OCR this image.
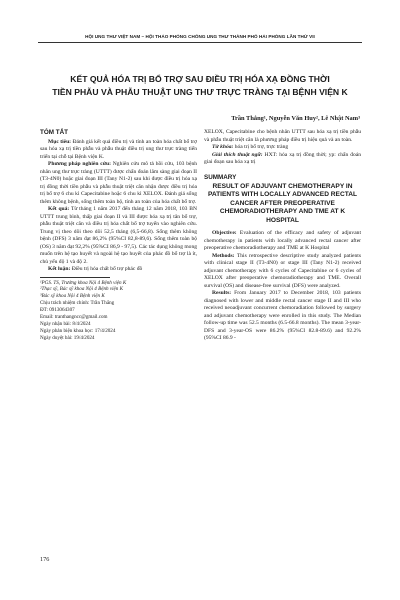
HỘI UNG THƯ VIỆT NAM – HỘI THẢO PHÒNG CHỐNG UNG THƯ THÀNH PHỐ HẢI PHÒNG LẦN THỨ VII
KẾT QUẢ HÓA TRỊ BỔ TRỢ SAU ĐIỀU TRỊ HÓA XẠ ĐỒNG THỜI
TIỀN PHẪU VÀ PHẪU THUẬT UNG THƯ TRỰC TRÀNG TẠI BỆNH VIỆN K
Trần Thắng¹, Nguyễn Văn Huy², Lê Nhật Nam³
TÓM TẮT

Mục tiêu: Đánh giá kết quả điều trị và tính an toàn hóa chất bổ trợ sau hóa xạ trị tiền phẫu và phẫu thuật điều trị ung thư trực tràng tiến triển tại chỗ tại Bệnh viện K.

Phương pháp nghiên cứu: Nghiên cứu mô tả hồi cứu, 103 bệnh nhân ung thư trực tràng (UTTT) được chẩn đoán lâm sàng giai đoạn II (T3-4N0) hoặc giai đoạn III (Tany N1-2) sau khi được điều trị hóa xạ trị đồng thời tiền phẫu và phẫu thuật triệt căn nhận được điều trị hóa trị bổ trợ 6 chu kì Capecitabine hoặc 6 chu kì XELOX. Đánh giá sống thêm không bệnh, sống thêm toàn bộ, tính an toàn của hóa chất bổ trợ.

Kết quả: Từ tháng 1 năm 2017 đến tháng 12 năm 2018, 103 BN UTTT trung bình, thấp giai đoạn II và III được hóa xạ trị tân bổ trợ, phẫu thuật triệt căn và điều trị hóa chất bổ trợ tuyển vào nghiên cứu. Trung vị theo dõi theo dõi 52,5 tháng (6,5-66,8). Sống thêm không bệnh (DFS) 3 năm đạt 86,2% (95%CI 82,8-89,6). Sống thêm toàn bộ (OS) 3 năm đạt 92,2% (95%CI 86,9 - 97,5). Các tác dụng không mong muốn trên hệ tạo huyết và ngoài hệ tạo huyết của phác đồ bổ trợ là ít, chủ yếu độ 1 và độ 2.

Kết luận: Điều trị hóa chất bổ trợ phác đồ

¹PGS. TS, Trưởng khoa Nội 4 Bệnh viện K
²Thạc sỹ, Bác sỹ khoa Nội 4 Bệnh viện K
³Bác sỹ khoa Nội 4 Bệnh viện K
Chịu trách nhiệm chính: Trần Thắng
ĐT: 0913064307
Email: tranthangncc@gmail.com
Ngày nhận bài: 8/4/2024
Ngày phản biện khoa học: 17/4/2024
Ngày duyệt bài: 19/4/2024

XELOX, Capecitabine cho bệnh nhân UTTT sau hóa xạ trị tiền phẫu và phẫu thuật triệt căn là phương pháp điều trị hiệu quả và an toàn.

Từ khóa: hóa trị bổ trợ, trực tràng

Giải thích thuật ngữ: HXT: hóa xạ trị đồng thời; yp: chẩn đoán giai đoạn sau hóa xạ trị

SUMMARY
RESULT OF ADJUVANT CHEMOTHERAPY IN PATIENTS WITH LOCALLY ADVANCED RECTAL CANCER AFTER PREOPERATIVE CHEMORADIOTHERAPY AND TME AT K HOSPITAL

Objective: Evaluation of the efficacy and safety of adjuvant chemotherapy in patients with locally advanced rectal cancer after preoperative chemoradiotherapy and TME at K Hospital

Methods: This retrospective descriptive study analyzed patients with clinical stage II (T3-4N0) or stage III (Tany N1-2) received adjuvant chemotherapy with 6 cycles of Capecitabine or 6 cycles of XELOX after preoperative chemoradiotherapy and TME. Overall survival (OS) and disease-free survival (DFS) were analyzed.

Results: From January 2017 to December 2018, 103 patients diagnosed with lower and middle rectal cancer stage II and III who received neoadjuvant concurrent chemoradiation followed by surgery and adjuvant chemotherapy were enrolled in this study. The Median follow-up time was 52.5 months (6.5-66.8 months). The mean 3-year-DFS and 3-year-OS were 86.2% (95%CI 82.8-89.6) and 92.2% (95%CI 86.9 -

176
